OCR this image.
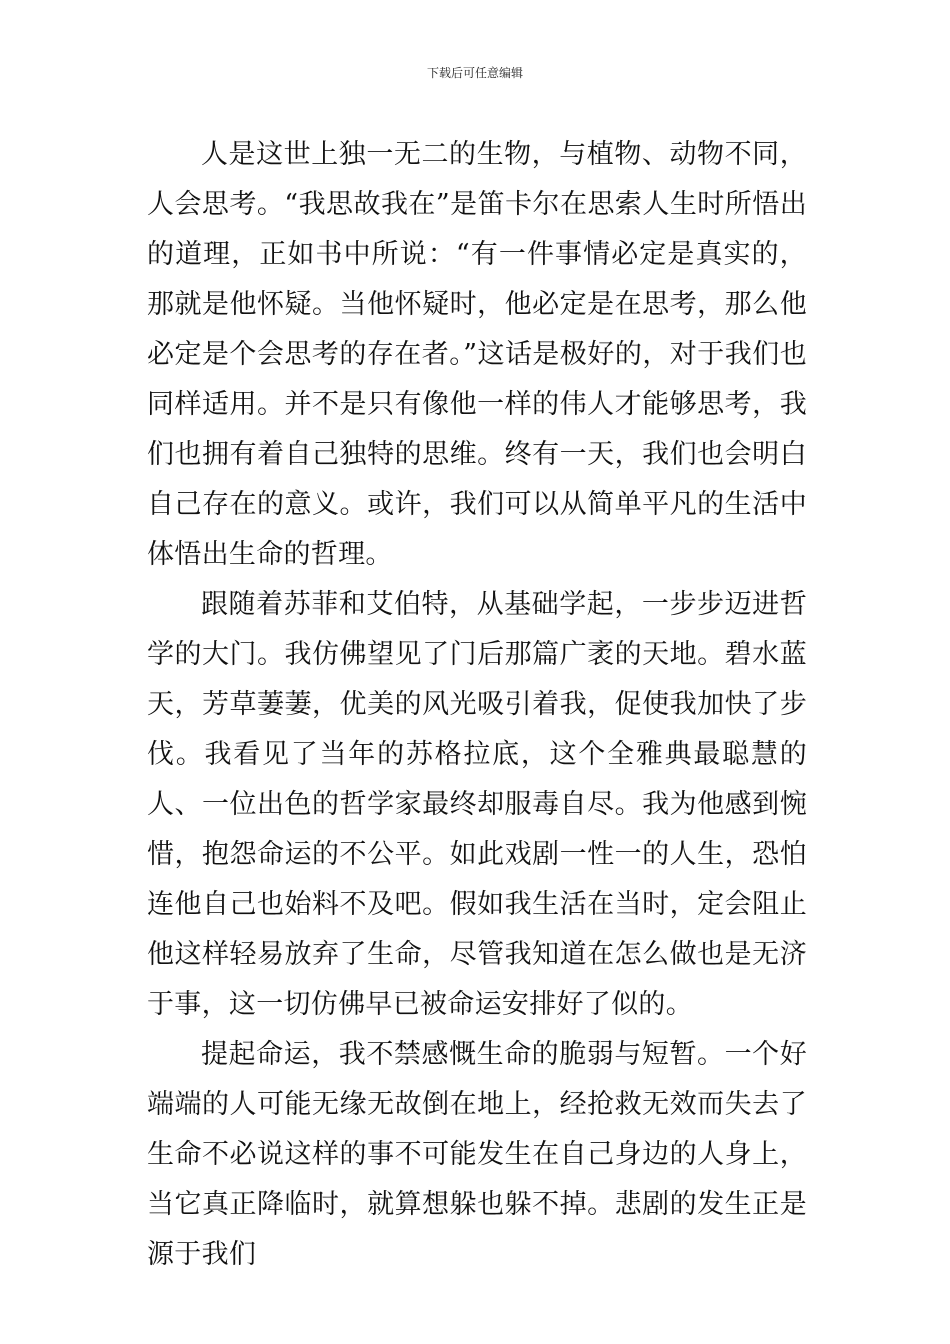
下载后可任意编辑

人是这世上独一无二的生物，与植物、动物不同，人会思考。“我思故我在”是笛卡尔在思索人生时所悟出的道理，正如书中所说：“有一件事情必定是真实的，那就是他怀疑。当他怀疑时，他必定是在思考，那么他必定是个会思考的存在者。”这话是极好的，对于我们也同样适用。并不是只有像他一样的伟人才能够思考，我们也拥有着自己独特的思维。终有一天，我们也会明白自己存在的意义。或许，我们可以从简单平凡的生活中体悟出生命的哲理。

跟随着苏菲和艾伯特，从基础学起，一步步迈进哲学的大门。我仿佛望见了门后那篇广袤的天地。碧水蓝天，芳草萋萋，优美的风光吸引着我，促使我加快了步伐。我看见了当年的苏格拉底，这个全雅典最聪慧的人、一位出色的哲学家最终却服毒自尽。我为他感到惋惜，抱怨命运的不公平。如此戏剧一性一的人生，恐怕连他自己也始料不及吧。假如我生活在当时，定会阻止他这样轻易放弃了生命，尽管我知道在怎么做也是无济于事，这一切仿佛早已被命运安排好了似的。

提起命运，我不禁感慨生命的脆弱与短暂。一个好端端的人可能无缘无故倒在地上，经抢救无效而失去了生命不必说这样的事不可能发生在自己身边的人身上，当它真正降临时，就算想躲也躲不掉。悲剧的发生正是源于我们
